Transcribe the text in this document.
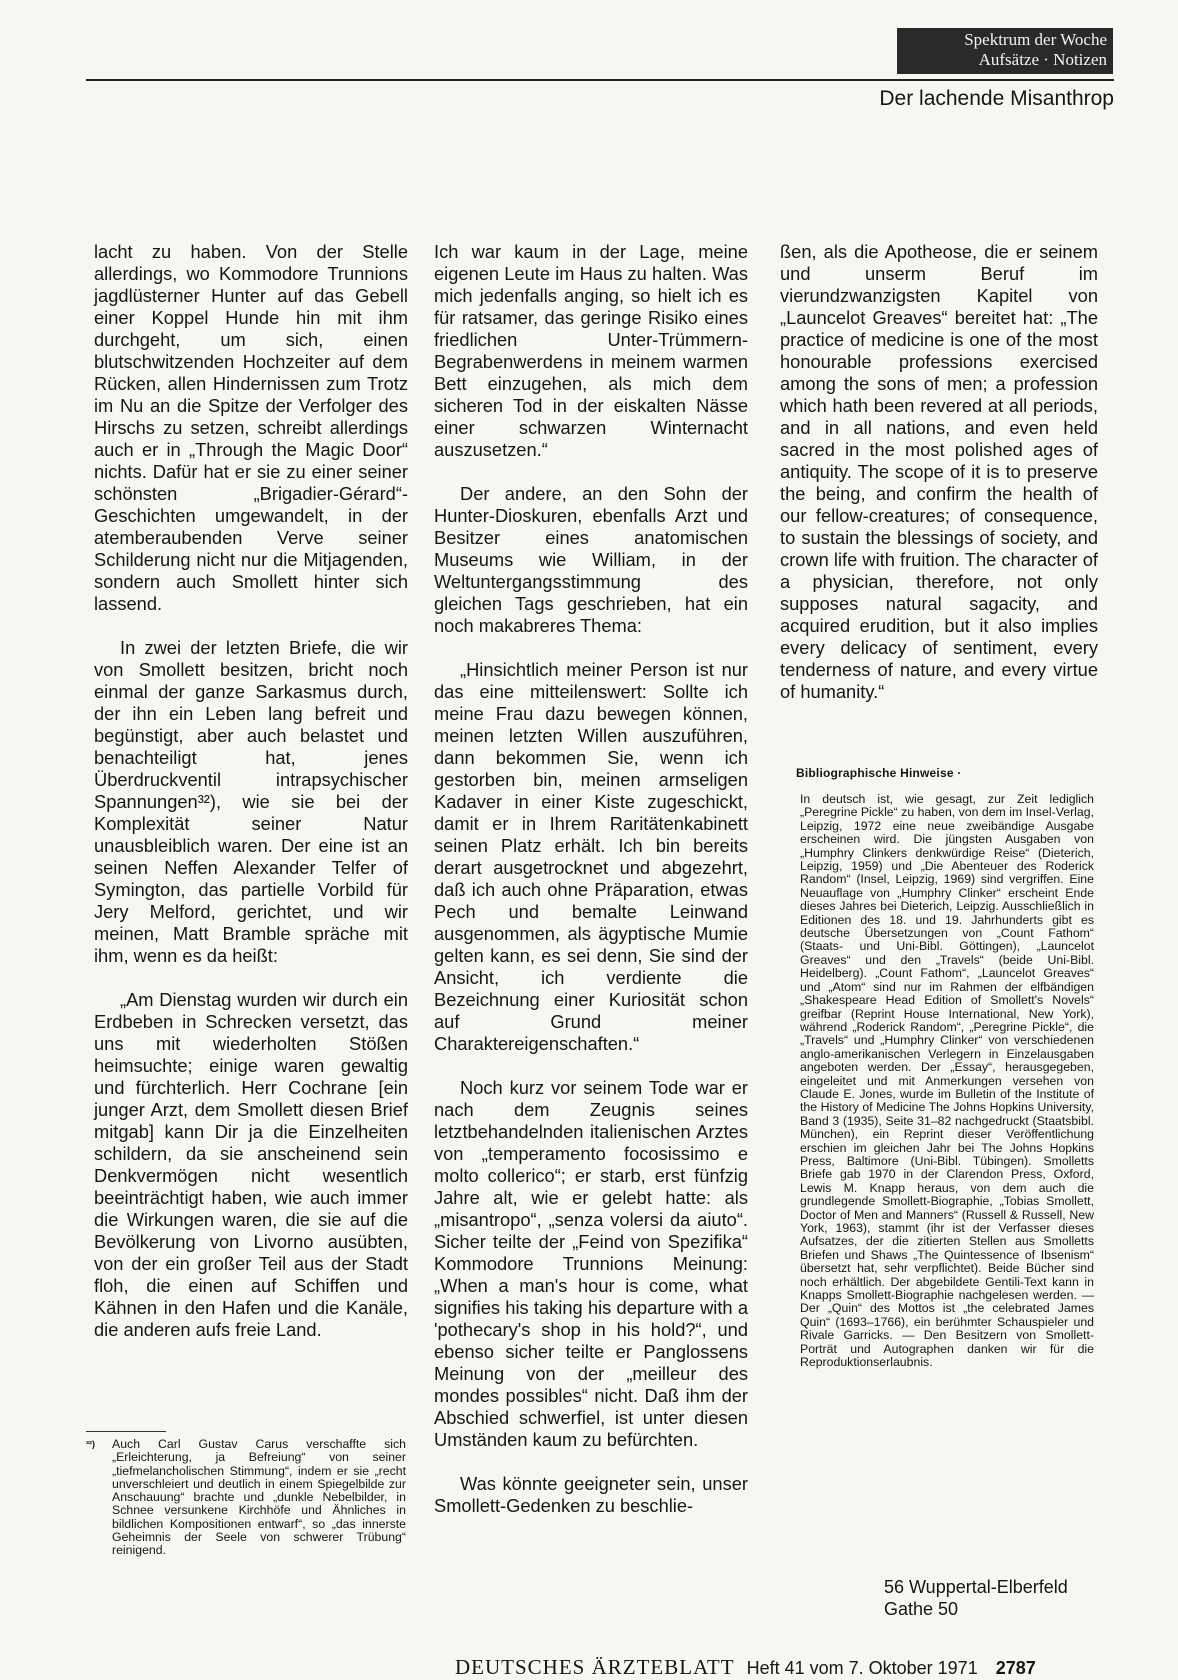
Spektrum der Woche
Aufsätze · Notizen
Der lachende Misanthrop

lacht zu haben. Von der Stelle allerdings, wo Kommodore Trunnions jagdlüsterner Hunter auf das Gebell einer Koppel Hunde hin mit ihm durchgeht, um sich, einen blutschwitzenden Hochzeiter auf dem Rücken, allen Hindernissen zum Trotz im Nu an die Spitze der Verfolger des Hirschs zu setzen, schreibt allerdings auch er in „Through the Magic Door“ nichts. Dafür hat er sie zu einer seiner schönsten „Brigadier-Gérard“-Geschichten umgewandelt, in der atemberaubenden Verve seiner Schilderung nicht nur die Mitjagenden, sondern auch Smollett hinter sich lassend.

In zwei der letzten Briefe, die wir von Smollett besitzen, bricht noch einmal der ganze Sarkasmus durch, der ihn ein Leben lang befreit und begünstigt, aber auch belastet und benachteiligt hat, jenes Überdruckventil intrapsychischer Spannungen³²), wie sie bei der Komplexität seiner Natur unausbleiblich waren. Der eine ist an seinen Neffen Alexander Telfer of Symington, das partielle Vorbild für Jery Melford, gerichtet, und wir meinen, Matt Bramble spräche mit ihm, wenn es da heißt:

„Am Dienstag wurden wir durch ein Erdbeben in Schrecken versetzt, das uns mit wiederholten Stößen heimsuchte; einige waren gewaltig und fürchterlich. Herr Cochrane [ein junger Arzt, dem Smollett diesen Brief mitgab] kann Dir ja die Einzelheiten schildern, da sie anscheinend sein Denkvermögen nicht wesentlich beeinträchtigt haben, wie auch immer die Wirkungen waren, die sie auf die Bevölkerung von Livorno ausübten, von der ein großer Teil aus der Stadt floh, die einen auf Schiffen und Kähnen in den Hafen und die Kanäle, die anderen aufs freie Land.

Ich war kaum in der Lage, meine eigenen Leute im Haus zu halten. Was mich jedenfalls anging, so hielt ich es für ratsamer, das geringe Risiko eines friedlichen Unter-Trümmern-Begrabenwerdens in meinem warmen Bett einzugehen, als mich dem sicheren Tod in der eiskalten Nässe einer schwarzen Winternacht auszusetzen.“

Der andere, an den Sohn der Hunter-Dioskuren, ebenfalls Arzt und Besitzer eines anatomischen Museums wie William, in der Weltuntergangsstimmung des gleichen Tags geschrieben, hat ein noch makabreres Thema:

„Hinsichtlich meiner Person ist nur das eine mitteilenswert: Sollte ich meine Frau dazu bewegen können, meinen letzten Willen auszuführen, dann bekommen Sie, wenn ich gestorben bin, meinen armseligen Kadaver in einer Kiste zugeschickt, damit er in Ihrem Raritätenkabinett seinen Platz erhält. Ich bin bereits derart ausgetrocknet und abgezehrt, daß ich auch ohne Präparation, etwas Pech und bemalte Leinwand ausgenommen, als ägyptische Mumie gelten kann, es sei denn, Sie sind der Ansicht, ich verdiente die Bezeichnung einer Kuriosität schon auf Grund meiner Charaktereigenschaften.“

Noch kurz vor seinem Tode war er nach dem Zeugnis seines letztbehandelnden italienischen Arztes von „temperamento focosissimo e molto collerico“; er starb, erst fünfzig Jahre alt, wie er gelebt hatte: als „misantropo“, „senza volersi da aiuto“. Sicher teilte der „Feind von Spezifika“ Kommodore Trunnions Meinung: „When a man's hour is come, what signifies his taking his departure with a 'pothecary's shop in his hold?“, und ebenso sicher teilte er Panglossens Meinung von der „meilleur des mondes possibles“ nicht. Daß ihm der Abschied schwerfiel, ist unter diesen Umständen kaum zu befürchten.

Was könnte geeigneter sein, unser Smollett-Gedenken zu beschlie-

ßen, als die Apotheose, die er seinem und unserm Beruf im vierundzwanzigsten Kapitel von „Launcelot Greaves“ bereitet hat: „The practice of medicine is one of the most honourable professions exercised among the sons of men; a profession which hath been revered at all periods, and in all nations, and even held sacred in the most polished ages of antiquity. The scope of it is to preserve the being, and confirm the health of our fellow-creatures; of consequence, to sustain the blessings of society, and crown life with fruition. The character of a physician, therefore, not only supposes natural sagacity, and acquired erudition, but it also implies every delicacy of sentiment, every tenderness of nature, and every virtue of humanity.“

³²)	Auch Carl Gustav Carus verschaffte sich „Erleichterung, ja Befreiung“ von seiner „tiefmelancholischen Stimmung“, indem er sie „recht unverschleiert und deutlich in einem Spiegelbilde zur Anschauung“ brachte und „dunkle Nebelbilder, in Schnee versunkene Kirchhöfe und Ähnliches in bildlichen Kompositionen entwarf“, so „das innerste Geheimnis der Seele von schwerer Trübung“ reinigend.
Bibliographische Hinweise ·
In deutsch ist, wie gesagt, zur Zeit lediglich „Peregrine Pickle“ zu haben, von dem im Insel-Verlag, Leipzig, 1972 eine neue zweibändige Ausgabe erscheinen wird. Die jüngsten Ausgaben von „Humphry Clinkers denkwürdige Reise“ (Dieterich, Leipzig, 1959) und „Die Abenteuer des Roderick Random“ (Insel, Leipzig, 1969) sind vergriffen. Eine Neuauflage von „Humphry Clinker“ erscheint Ende dieses Jahres bei Dieterich, Leipzig. Ausschließlich in Editionen des 18. und 19. Jahrhunderts gibt es deutsche Übersetzungen von „Count Fathom“ (Staats- und Uni-Bibl. Göttingen), „Launcelot Greaves“ und den „Travels“ (beide Uni-Bibl. Heidelberg). „Count Fathom“, „Launcelot Greaves“ und „Atom“ sind nur im Rahmen der elfbändigen „Shakespeare Head Edition of Smollett's Novels“ greifbar (Reprint House International, New York), während „Roderick Random“, „Peregrine Pickle“, die „Travels“ und „Humphry Clinker“ von verschiedenen anglo-amerikanischen Verlegern in Einzelausgaben angeboten werden. Der „Essay“, herausgegeben, eingeleitet und mit Anmerkungen versehen von Claude E. Jones, wurde im Bulletin of the Institute of the History of Medicine The Johns Hopkins University, Band 3 (1935), Seite 31–82 nachgedruckt (Staatsbibl. München), ein Reprint dieser Veröffentlichung erschien im gleichen Jahr bei The Johns Hopkins Press, Baltimore (Uni-Bibl. Tübingen). Smolletts Briefe gab 1970 in der Clarendon Press, Oxford, Lewis M. Knapp heraus, von dem auch die grundlegende Smollett-Biographie, „Tobias Smollett, Doctor of Men and Manners“ (Russell & Russell, New York, 1963), stammt (ihr ist der Verfasser dieses Aufsatzes, der die zitierten Stellen aus Smolletts Briefen und Shaws „The Quintessence of Ibsenism“ übersetzt hat, sehr verpflichtet). Beide Bücher sind noch erhältlich. Der abgebildete Gentili-Text kann in Knapps Smollett-Biographie nachgelesen werden. — Der „Quin“ des Mottos ist „the celebrated James Quin“ (1693–1766), ein berühmter Schauspieler und Rivale Garricks. — Den Besitzern von Smollett-Porträt und Autographen danken wir für die Reproduktionserlaubnis.
56 Wuppertal-Elberfeld
Gathe 50
DEUTSCHES ÄRZTEBLATT Heft 41 vom 7. Oktober 1971 2787
